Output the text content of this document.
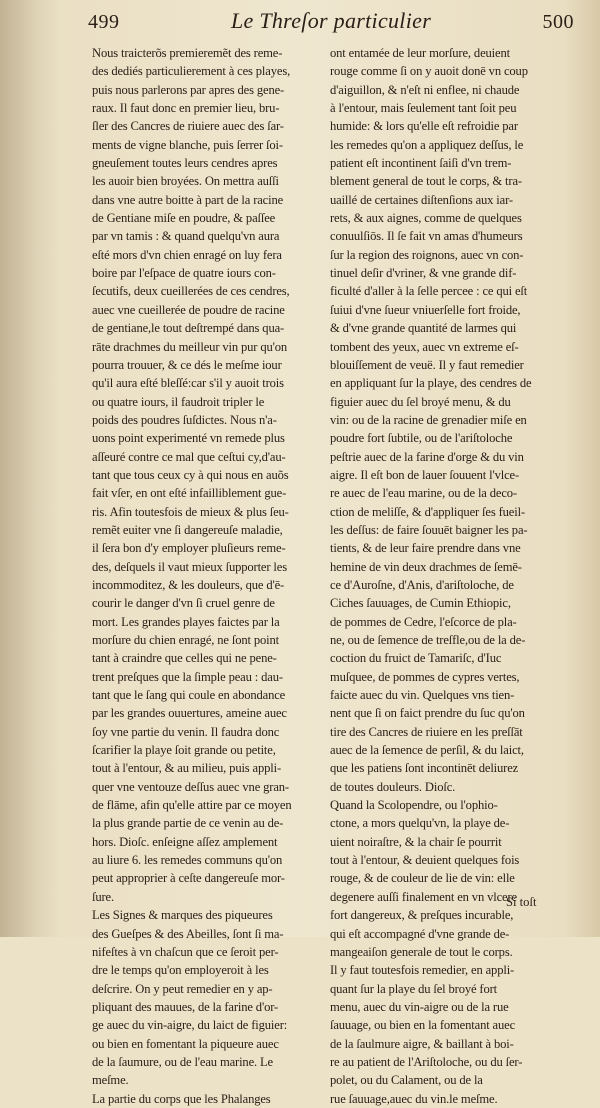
499	Le Threſor particulier	500
Nous traicterõs premieremẽt des reme-
des dediés particulierement à ces playes,
puis nous parlerons par apres des gene-
raux. Il faut donc en premier lieu, bru-
ſler des Cancres de riuiere auec des ſar-
ments de vigne blanche, puis ſerrer ſoi-
gneuſement toutes leurs cendres apres
les auoir bien broyées. On mettra auſſi
dans vne autre boitte à part de la racine
de Gentiane miſe en poudre, & paſſee
par vn tamis : & quand quelqu'vn aura
eſté mors d'vn chien enragé on luy fera
boire par l'eſpace de quatre iours con-
ſecutifs, deux cueillerées de ces cendres,
auec vne cueillerée de poudre de racine
de gentiane,le tout deſtrempé dans qua-
rāte drachmes du meilleur vin pur qu'on
pourra trouuer, & ce dés le meſme iour
qu'il aura eſté bleſſé:car s'il y auoit trois
ou quatre iours, il faudroit tripler le
poids des poudres ſuſdictes. Nous n'a-
uons point experimenté vn remede plus
aſſeuré contre ce mal que ceſtui cy,d'au-
tant que tous ceux cy à qui nous en auõs
fait vſer, en ont eſté infailliblement gue-
ris. Afin toutesfois de mieux & plus ſeu-
remẽt euiter vne ſi dangereuſe maladie,
il ſera bon d'y employer pluſieurs reme-
des, deſquels il vaut mieux ſupporter les
incommoditez, & les douleurs, que d'ē-
courir le danger d'vn ſi cruel genre de
mort. Les grandes playes faictes par la
morſure du chien enragé, ne ſont point
tant à craindre que celles qui ne pene-
trent preſques que la ſimple peau : dau-
tant que le ſang qui coule en abondance
par les grandes ouuertures, ameine auec
ſoy vne partie du venin. Il faudra donc
ſcarifier la playe ſoit grande ou petite,
tout à l'entour, & au milieu, puis appli-
quer vne ventouze deſſus auec vne gran-
de flāme, afin qu'elle attire par ce moyen
la plus grande partie de ce venin au de-
hors. Dioſc. enſeigne aſſez amplement
au liure 6. les remedes communs qu'on
peut approprier à ceſte dangereuſe mor-
ſure.
Les Signes & marques des piqueures
des Gueſpes & des Abeilles, ſont ſi ma-
nifeſtes à vn chaſcun que ce ſeroit per-
dre le temps qu'on employeroit à les
deſcrire. On y peut remedier en y ap-
pliquant des mauues, de la farine d'or-
ge auec du vin-aigre, du laict de figuier:
ou bien en fomentant la piqueure auec
de la ſaumure, ou de l'eau marine. Le
meſme.
La partie du corps que les Phalanges
ont entamée de leur morſure, deuient
rouge comme ſi on y auoit donē vn coup
d'aiguillon, & n'eſt ni enflee, ni chaude
à l'entour, mais ſeulement tant ſoit peu
humide: & lors qu'elle eſt refroidie par
les remedes qu'on a appliquez deſſus, le
patient eſt incontinent ſaiſi d'vn trem-
blement general de tout le corps, & tra-
uaillé de certaines diſtenſions aux iar-
rets, & aux aignes, comme de quelques
conuulſiōs. Il ſe fait vn amas d'humeurs
ſur la region des roignons, auec vn con-
tinuel deſir d'vriner, & vne grande dif-
ficulté d'aller à la ſelle percee : ce qui eſt
ſuiui d'vne ſueur vniuerſelle fort froide,
& d'vne grande quantité de larmes qui
tombent des yeux, auec vn extreme eſ-
blouiſſement de veuë. Il y faut remedier
en appliquant ſur la playe, des cendres de
figuier auec du ſel broyé menu, & du
vin: ou de la racine de grenadier miſe en
poudre fort ſubtile, ou de l'ariſtoloche
peſtrie auec de la farine d'orge & du vin
aigre. Il eſt bon de lauer ſouuent l'vlce-
re auec de l'eau marine, ou de la deco-
ction de meliſſe, & d'appliquer ſes fueil-
les deſſus: de faire ſouuēt baigner les pa-
tients, & de leur faire prendre dans vne
hemine de vin deux drachmes de ſemē-
ce d'Auroſne, d'Anis, d'ariſtoloche, de
Ciches ſauuages, de Cumin Ethiopic,
de pommes de Cedre, l'eſcorce de pla-
ne, ou de ſemence de treſfle,ou de la de-
coction du fruict de Tamariſc, d'Iuc
muſquee, de pommes de cypres vertes,
faicte auec du vin. Quelques vns tien-
nent que ſi on faict prendre du ſuc qu'on
tire des Cancres de riuiere en les preſſāt
auec de la ſemence de perſil, & du laict,
que les patiens ſont incontinēt deliurez
de toutes douleurs. Dioſc.
Quand la Scolopendre, ou l'ophio-
ctone, a mors quelqu'vn, la playe de-
uient noiraſtre, & la chair ſe pourrit
tout à l'entour, & deuient quelques fois
rouge, & de couleur de lie de vin: elle
degenere auſſi finalement en vn vlcere
fort dangereux, & preſques incurable,
qui eſt accompagné d'vne grande de-
mangeaiſon generale de tout le corps.
Il y faut toutesfois remedier, en appli-
quant ſur la playe du ſel broyé fort
menu, auec du vin-aigre ou de la rue
ſauuage, ou bien en la fomentant auec
de la ſaulmure aigre, & baillant à boi-
re au patient de l'Ariſtoloche, ou du ſer-
polet, ou du Calament, ou de la
rue ſauuage,auec du vin.le meſme.
Si toſt
